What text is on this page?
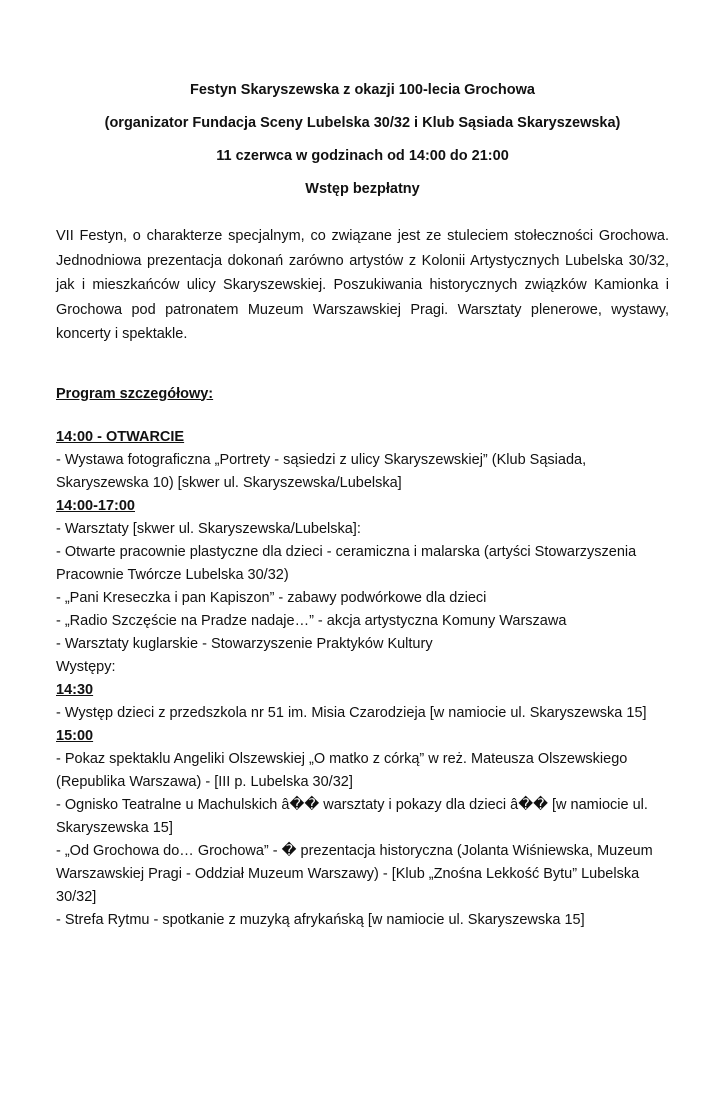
Festyn Skaryszewska z okazji 100-lecia Grochowa
(organizator Fundacja Sceny Lubelska 30/32 i Klub Sąsiada Skaryszewska)
11 czerwca w godzinach od 14:00 do 21:00
Wstęp bezpłatny

VII Festyn, o charakterze specjalnym, co związane jest ze stuleciem stołeczności Grochowa. Jednodniowa prezentacja dokonań zarówno artystów z Kolonii Artystycznych Lubelska 30/32, jak i mieszkańców ulicy Skaryszewskiej. Poszukiwania historycznych związków Kamionka i Grochowa pod patronatem Muzeum Warszawskiej Pragi. Warsztaty plenerowe, wystawy, koncerty i spektakle.

Program szczegółowy:
14:00 - OTWARCIE
- Wystawa fotograficzna „Portrety - sąsiedzi z ulicy Skaryszewskiej” (Klub Sąsiada, Skaryszewska 10) [skwer ul. Skaryszewska/Lubelska]
14:00-17:00
- Warsztaty [skwer ul. Skaryszewska/Lubelska]:
- Otwarte pracownie plastyczne dla dzieci - ceramiczna i malarska (artyści Stowarzyszenia Pracownie Twórcze Lubelska 30/32)
- „Pani Kreseczka i pan Kapiszon” - zabawy podwórkowe dla dzieci
- „Radio Szczęście na Pradze nadaje…” - akcja artystyczna Komuny Warszawa
- Warsztaty kuglarskie - Stowarzyszenie Praktyków Kultury
Występy:
14:30
- Występ dzieci z przedszkola nr 51 im. Misia Czarodzieja [w namiocie ul. Skaryszewska 15]
15:00
- Pokaz spektaklu Angeliki Olszewskiej „O matko z córką” w reż. Mateusza Olszewskiego (Republika Warszawa) - [III p. Lubelska 30/32]
- Ognisko Teatralne u Machulskich â�� warsztaty i pokazy dla dzieci â�� [w namiocie ul. Skaryszewska 15]
- „Od Grochowa do… Grochowa” - � prezentacja historyczna (Jolanta Wiśniewska, Muzeum Warszawskiej Pragi - Oddział Muzeum Warszawy) - [Klub „Znośna Lekkość Bytu” Lubelska 30/32]
- Strefa Rytmu - spotkanie z muzyką afrykańską [w namiocie ul. Skaryszewska 15]
